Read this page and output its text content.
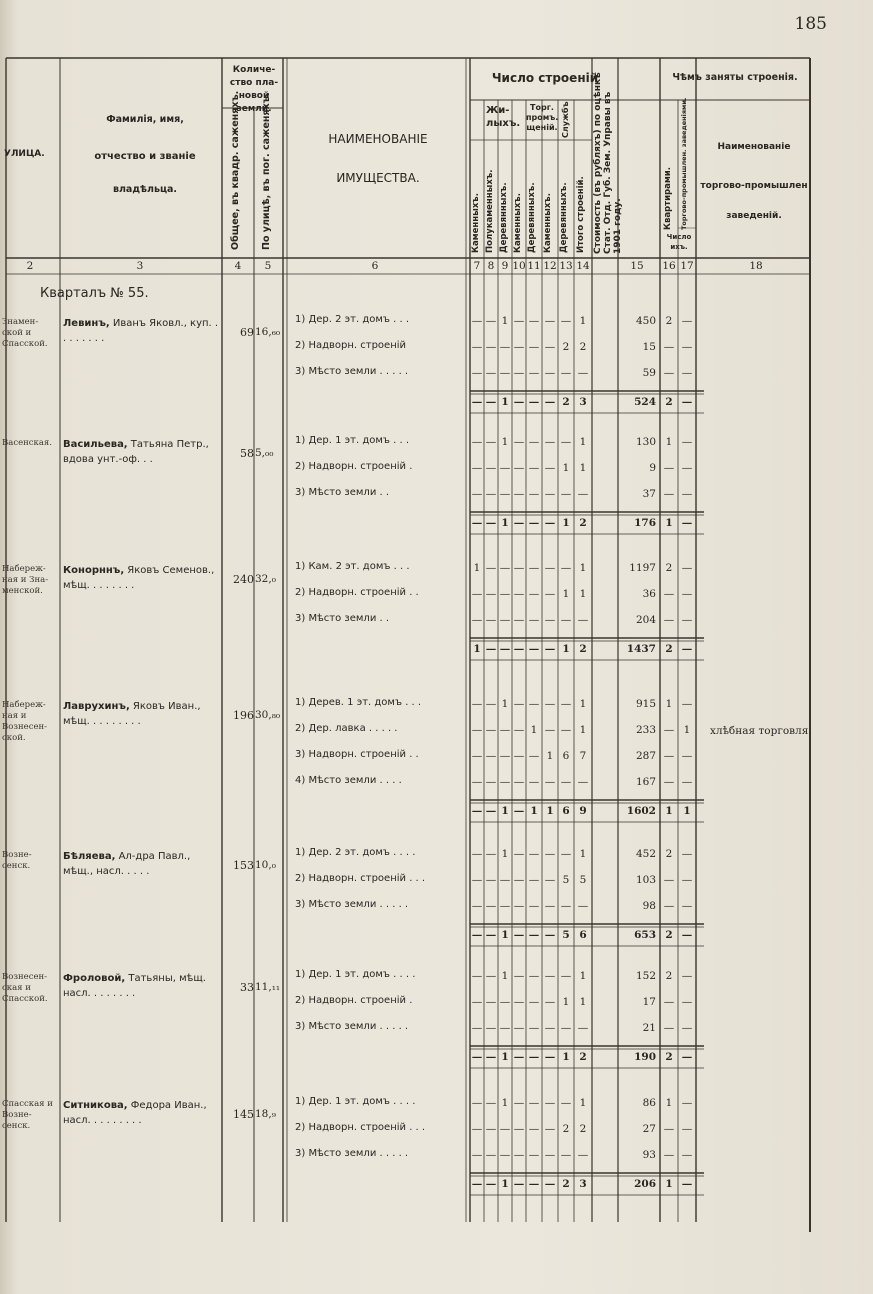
185
УЛИЦА.
Фамилія, имя,
отчество и званіе
владѣльца.
Количе-
ство пла-
новой
земли.
Общее, въ квадр. саженяхъ. По улицѣ, въ пог. саженяхъ.	НАИМЕНОВАНІЕ
ИМУЩЕСТВА.
Число строеній
Жи-
лыхъ.
Торг.
промъ.
щеній. Службъ
Каменныхъ. Полукаменныхъ. Деревянныхъ. Каменныхъ. Деревянныхъ. Каменныхъ. Деревянныхъ. Итого строеній. Стоимость (въ рубляхъ) по оцѣнкѣ Стат. Отд. Губ. Зем. Управы въ 1901 году.
Чѣмъ заняты строенія.
Квартирами. Торгово-промышлен. заведеніями.
Число
ихъ.
Наименованіе
торгово-промышлен
заведеній.
2	3	4	5	6	7 8 9 10 11 12 13 14	15	16 17	18
Кварталъ № 55.
Знаменской и Спасской.
Левинъ, Иванъ Яковл., куп. . . . . . . . .	69 16,₆₀
1) Дер. 2 эт. домъ . . .	— — 1 — — — — 1	450 2 —
2) Надворн. строеній	— — — — — — 2 2	15 — —
3) Мѣсто земли . . . . .	— — — — — — — —	59 — —
— — 1 — — — 2 3	524 2 —
Васенская. Васильева, Татьяна Петр., вдова унт.-оф. . .	58 5,₀₀
1) Дер. 1 эт. домъ . . .	— — 1 — — — — 1	130 1 —
2) Надворн. строеній .	— — — — — — 1 1	9 — —
3) Мѣсто земли . .	— — — — — — — —	37 — —
— — 1 — — — 1 2	176 1 —
Набережная и Знаменской.
Конорннъ, Яковъ Семенов., мѣщ. . . . . . . .	240 32,₀
1) Кам. 2 эт. домъ . . .	1 — — — — — — 1	1197 2 —
2) Надворн. строеній . .	— — — — — — 1 1	36 — —
3) Мѣсто земли . .	— — — — — — — —	204 — —
1 — — — — — 1 2	1437 2 —
Набережная и Вознесенской.
Лаврухинъ, Яковъ Иван., мѣщ. . . . . . . . .	196 30,₈₀
1) Дерев. 1 эт. домъ . . .	— — 1 — — — — 1	915 1 —
2) Дер. лавка . . . . .	— — — — 1 — — 1	233 — 1	хлѣбная торговля.
3) Надворн. строеній . .	— — — — — 1 6 7	287 — —
4) Мѣсто земли . . . .	— — — — — — — —	167 — —
— — 1 — 1 1 6 9	1602 1	1
Вознесенск.
Бѣляева, Ал-дра Павл., мѣщ., насл. . . . .	153 10,₀
1) Дер. 2 эт. домъ . . . .	— — 1 — — — — 1	452 2 —
2) Надворн. строеній . . .	— — — — — — 5 5	103 — —
3) Мѣсто земли . . . . .	— — — — — — — —	98 — —
— — 1 — — — 5 6	653 2 —
Вознесенская и Спасской.
Фроловой, Татьяны, мѣщ. насл. . . . . . . .	33 11,₁₁
1) Дер. 1 эт. домъ . . . .	— — 1 — — — — 1	152 2 —
2) Надворн. строеній .	— — — — — — 1 1	17 — —
3) Мѣсто земли . . . . .	— — — — — — — —	21 — —
— — 1 — — — 1 2	190 2 —
Спасская и Вознесенск.
Ситникова, Федора Иван., насл. . . . . . . . .	145 18,₉
1) Дер. 1 эт. домъ . . . .	— — 1 — — — — 1	86 1 —
2) Надворн. строеній . . .	— — — — — — 2 2	27 — —
3) Мѣсто земли . . . . .	— — — — — — — —	93 — —
— — 1 — — — 2 3	206 1 —
